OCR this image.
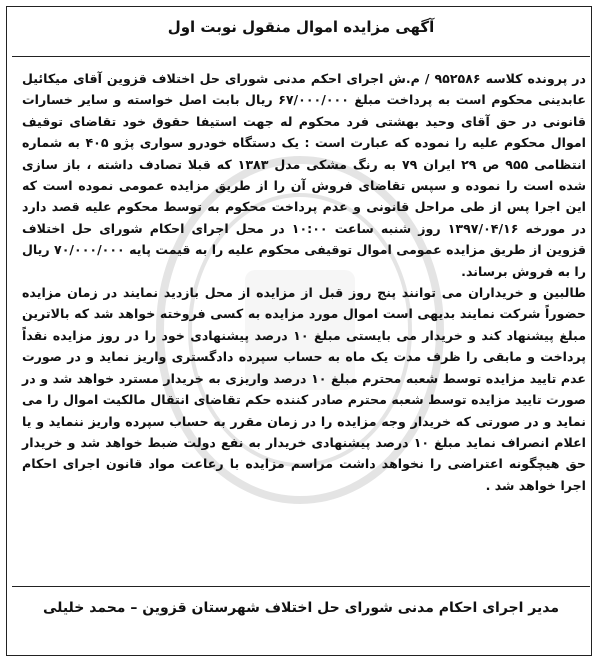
آگهی مزایده اموال منقول نوبت اول

در پرونده کلاسه ۹۵۲۵۸۶ / م.ش اجرای احکم مدنی شورای حل اختلاف قزوین آقای میکائیل عابدینی محکوم است به پرداخت مبلغ ۶۷/۰۰۰/۰۰۰ ریال بابت اصل خواسته و سایر خسارات قانونی در حق آقای وحید بهشتی فرد محکوم له جهت استیفا حقوق خود تقاضای توقیف اموال محکوم علیه را نموده که عبارت است : یک دستگاه خودرو سواری پژو ۴۰۵ به شماره انتظامی ۹۵۵ ص ۲۹ ایران ۷۹ به رنگ مشکی مدل ۱۳۸۳ که قبلا تصادف داشته ، باز سازی شده است را نموده و سپس تقاضای فروش آن را از طریق مزایده عمومی نموده است که این اجرا پس از طی مراحل قانونی و عدم پرداخت محکوم به توسط محکوم علیه قصد دارد در مورخه ۱۳۹۷/۰۴/۱۶ روز شنبه ساعت ۱۰:۰۰ در محل اجرای احکام شورای حل اختلاف قزوین از طریق مزایده عمومی اموال توقیفی محکوم علیه را به قیمت پایه ۷۰/۰۰۰/۰۰۰ ریال را به فروش برساند.

طالبین و خریداران می توانند پنج روز قبل از مزایده از محل بازدید نمایند در زمان مزایده حضوراً شرکت نمایند بدیهی است اموال مورد مزایده به کسی فروخته خواهد شد که بالاترین مبلغ پیشنهاد کند و خریدار می بایستی مبلغ ۱۰ درصد پیشنهادی خود را در روز مزایده نقداً پرداخت و مابقی را ظرف مدت یک ماه به حساب سپرده دادگستری واریز نماید و در صورت عدم تایید مزایده توسط شعبه محترم مبلغ ۱۰ درصد واریزی به خریدار مسترد خواهد شد و در صورت تایید مزایده توسط شعبه محترم صادر کننده حکم تقاضای انتقال مالکیت اموال را می نماید و در صورتی که خریدار وجه مزایده را در زمان مقرر به حساب سپرده واریز ننماید و یا اعلام انصراف نماید مبلغ ۱۰ درصد پیشنهادی خریدار به نفع دولت ضبط خواهد شد و خریدار حق هیچگونه اعتراضی را نخواهد داشت مراسم مزایده با رعاعت مواد قانون اجرای احکام اجرا خواهد شد .

مدیر اجرای احکام مدنی شورای حل اختلاف شهرستان قزوین – محمد خلیلی
